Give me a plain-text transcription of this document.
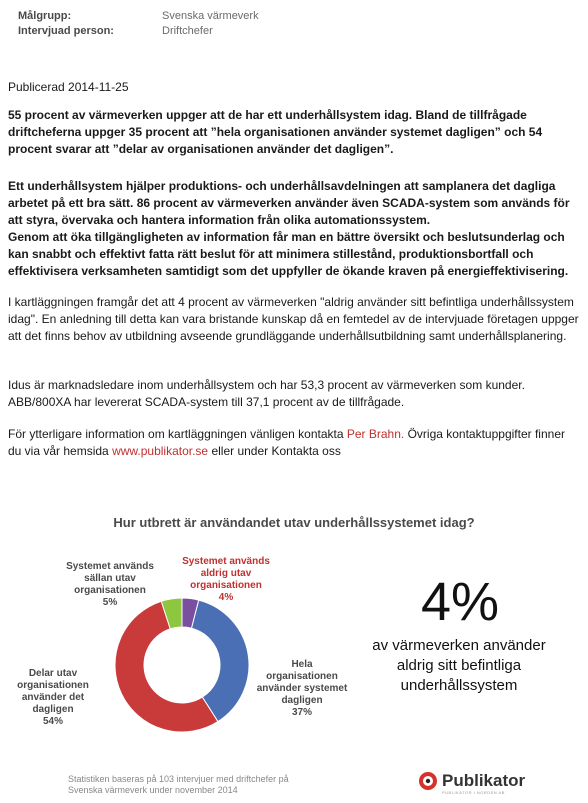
Målgrupp:	Svenska värmeverk
Intervjuad person:	Driftchefer
Publicerad 2014-11-25
55 procent av värmeverken uppger att de har ett underhållsystem idag. Bland de tillfrågade driftcheferna uppger 35 procent att ”hela organisationen använder systemet dagligen” och 54 procent svarar att ”delar av organisationen använder det dagligen”.
Ett underhållsystem hjälper produktions- och underhållsavdelningen att samplanera det dagliga arbetet på ett bra sätt. 86 procent av värmeverken använder även SCADA-system som används för att styra, övervaka och hantera information från olika automationssystem.
Genom att öka tillgängligheten av information får man en bättre översikt och beslutsunderlag och kan snabbt och effektivt fatta rätt beslut för att minimera stillestånd, produktionsbortfall och effektivisera verksamheten samtidigt som det uppfyller de ökande kraven på energieffektivisering.
I kartläggningen framgår det att 4 procent av värmeverken "aldrig använder sitt befintliga underhållssystem idag". En anledning till detta kan vara bristande kunskap då en femtedel av de intervjuade företagen uppger att det finns behov av utbildning avseende grundläggande underhållsutbildning samt underhållsplanering.
Idus är marknadsledare inom underhållsystem och har 53,3 procent av värmeverken som kunder. ABB/800XA har levererat SCADA-system till 37,1 procent av de tillfrågade.
För ytterligare information om kartläggningen vänligen kontakta Per Brahn. Övriga kontaktuppgifter finner du via vår hemsida www.publikator.se eller under Kontakta oss
Hur utbrett är användandet utav underhållssystemet idag?
Systemet används
sällan utav
organisationen
5%
Systemet används
aldrig utav
organisationen
4%
Hela
organisationen
använder systemet
dagligen
37%
Delar utav
organisationen
använder det
dagligen
54%
4%
av värmeverken använder aldrig sitt befintliga underhållssystem
Statistiken baseras på 103 intervjuer med driftchefer på Svenska värmeverk under november 2014	Publikator
PUBLIKATOR I NORDEN AB
